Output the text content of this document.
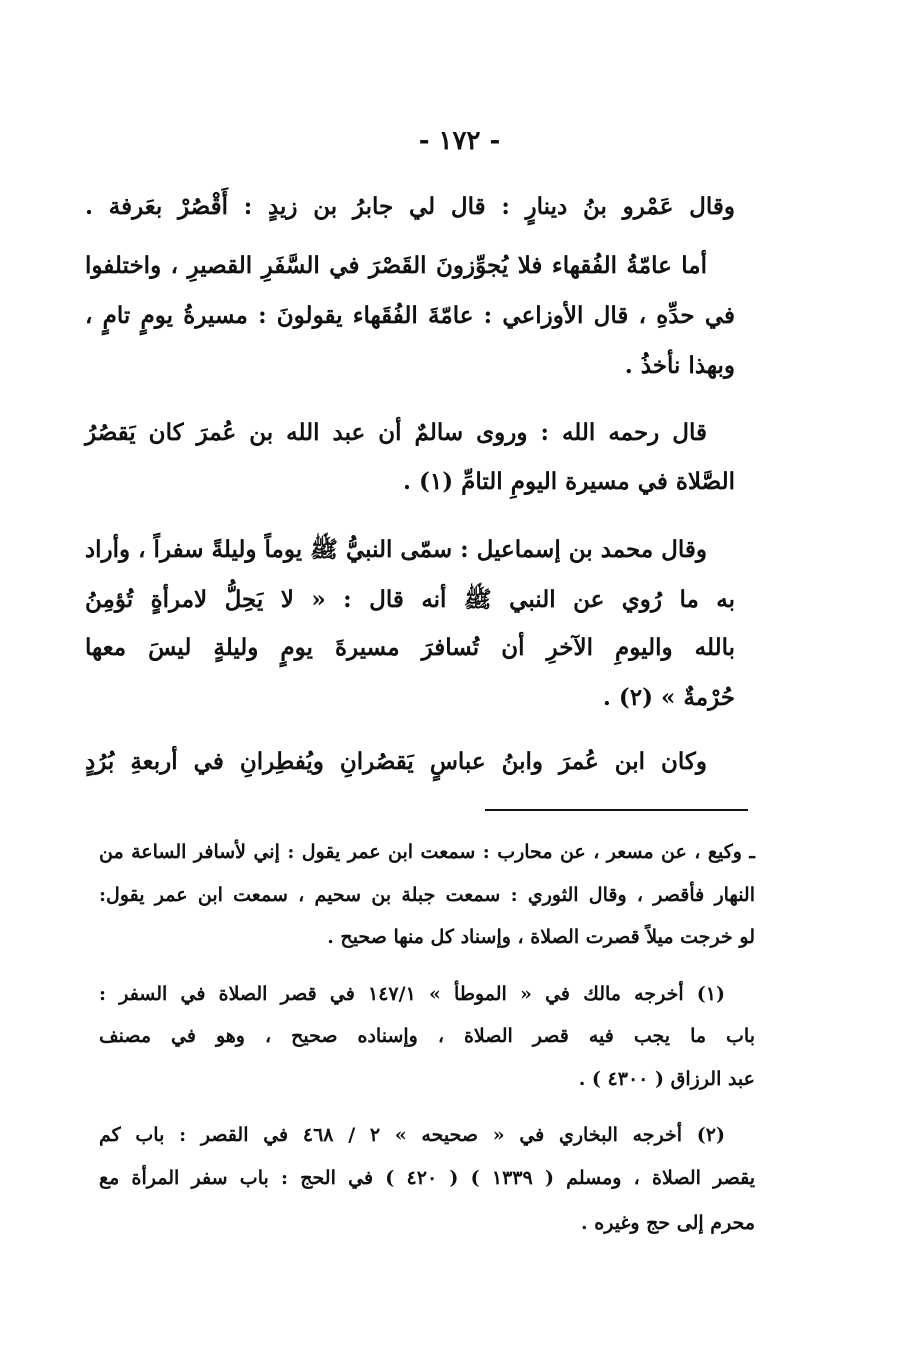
- ١٧٢ -
وقال عَمْرو بنُ دينارٍ : قال لي جابرُ بن زيدٍ : أَقْصُرْ بعَرفة .
أما عامّةُ الفُقهاء فلا يُجوِّزونَ القَصْرَ في السَّفَرِ القصيرِ ، واختلفوا
في حدِّهِ ، قال الأوزاعي : عامّةَ الفُقَهاء يقولونَ : مسيرةُ يومٍ تامٍ ،
وبهذا نأخذُ .
قال رحمه الله : وروى سالمٌ أن عبد الله بن عُمرَ كان يَقصُرُ
الصَّلاة في مسيرة اليومِ التامِّ (١) .
وقال محمد بن إسماعيل : سمّى النبيُّ ﷺ يوماً وليلةً سفراً ، وأراد
به ما رُوي عن النبي ﷺ أنه قال : « لا يَحِلُّ لامرأةٍ تُؤمِنُ
بالله واليومِ الآخرِ أن تُسافرَ مسيرةَ يومٍ وليلةٍ ليسَ معها
حُرْمةٌ » (٢) .
وكان ابن عُمرَ وابنُ عباسٍ يَقصُرانِ ويُفطِرانِ في أربعةِ بُرُدٍ
ـ وكيع ، عن مسعر ، عن محارب : سمعت ابن عمر يقول : إني لأسافر الساعة من
النهار فأقصر ، وقال الثوري : سمعت جبلة بن سحيم ، سمعت ابن عمر يقول:
لو خرجت ميلاً قصرت الصلاة ، وإسناد كل منها صحيح .
(١) أخرجه مالك في « الموطأ » ١٤٧/١ في قصر الصلاة في السفر :
باب ما يجب فيه قصر الصلاة ، وإسناده صحيح ، وهو في مصنف
عبد الرزاق ( ٤٣٠٠ ) .
(٢) أخرجه البخاري في « صحيحه » ٢ / ٤٦٨ في القصر : باب كم
يقصر الصلاة ، ومسلم ( ١٣٣٩ ) ( ٤٢٠ ) في الحج : باب سفر المرأة مع
محرم إلى حج وغيره .
